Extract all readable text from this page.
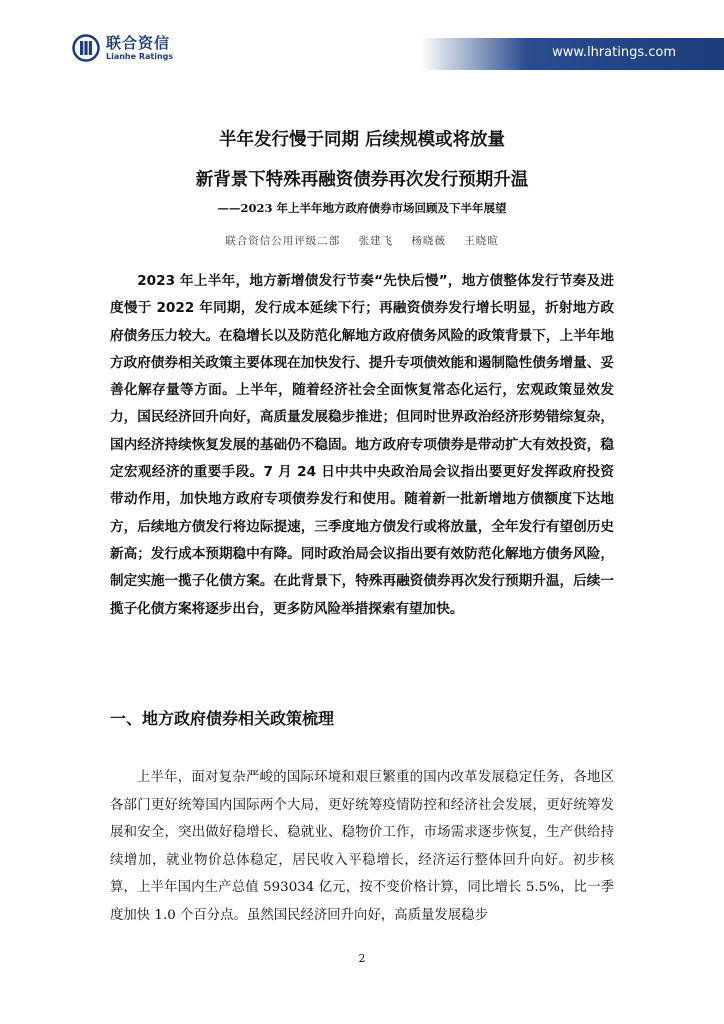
联合资信
Lianhe Ratings	www.lhratings.com
半年发行慢于同期 后续规模或将放量
新背景下特殊再融资债券再次发行预期升温
——2023 年上半年地方政府债券市场回顾及下半年展望
联合资信公用评级二部 张建飞 杨晓薇 王晓暄

2023 年上半年，地方新增债发行节奏“先快后慢”，地方债整体发行节奏及进度慢于 2022 年同期，发行成本延续下行；再融资债券发行增长明显，折射地方政府债务压力较大。在稳增长以及防范化解地方政府债务风险的政策背景下，上半年地方政府债券相关政策主要体现在加快发行、提升专项债效能和遏制隐性债务增量、妥善化解存量等方面。上半年，随着经济社会全面恢复常态化运行，宏观政策显效发力，国民经济回升向好，高质量发展稳步推进；但同时世界政治经济形势错综复杂，国内经济持续恢复发展的基础仍不稳固。地方政府专项债券是带动扩大有效投资，稳定宏观经济的重要手段。7 月 24 日中共中央政治局会议指出要更好发挥政府投资带动作用，加快地方政府专项债券发行和使用。随着新一批新增地方债额度下达地方，后续地方债发行将边际提速，三季度地方债发行或将放量，全年发行有望创历史新高；发行成本预期稳中有降。同时政治局会议指出要有效防范化解地方债务风险，制定实施一揽子化债方案。在此背景下，特殊再融资债券再次发行预期升温，后续一揽子化债方案将逐步出台，更多防风险举措探索有望加快。

一、地方政府债券相关政策梳理

上半年，面对复杂严峻的国际环境和艰巨繁重的国内改革发展稳定任务，各地区各部门更好统筹国内国际两个大局，更好统筹疫情防控和经济社会发展，更好统筹发展和安全，突出做好稳增长、稳就业、稳物价工作，市场需求逐步恢复，生产供给持续增加，就业物价总体稳定，居民收入平稳增长，经济运行整体回升向好。初步核算，上半年国内生产总值 593034 亿元，按不变价格计算，同比增长 5.5%，比一季度加快 1.0 个百分点。虽然国民经济回升向好，高质量发展稳步

2
